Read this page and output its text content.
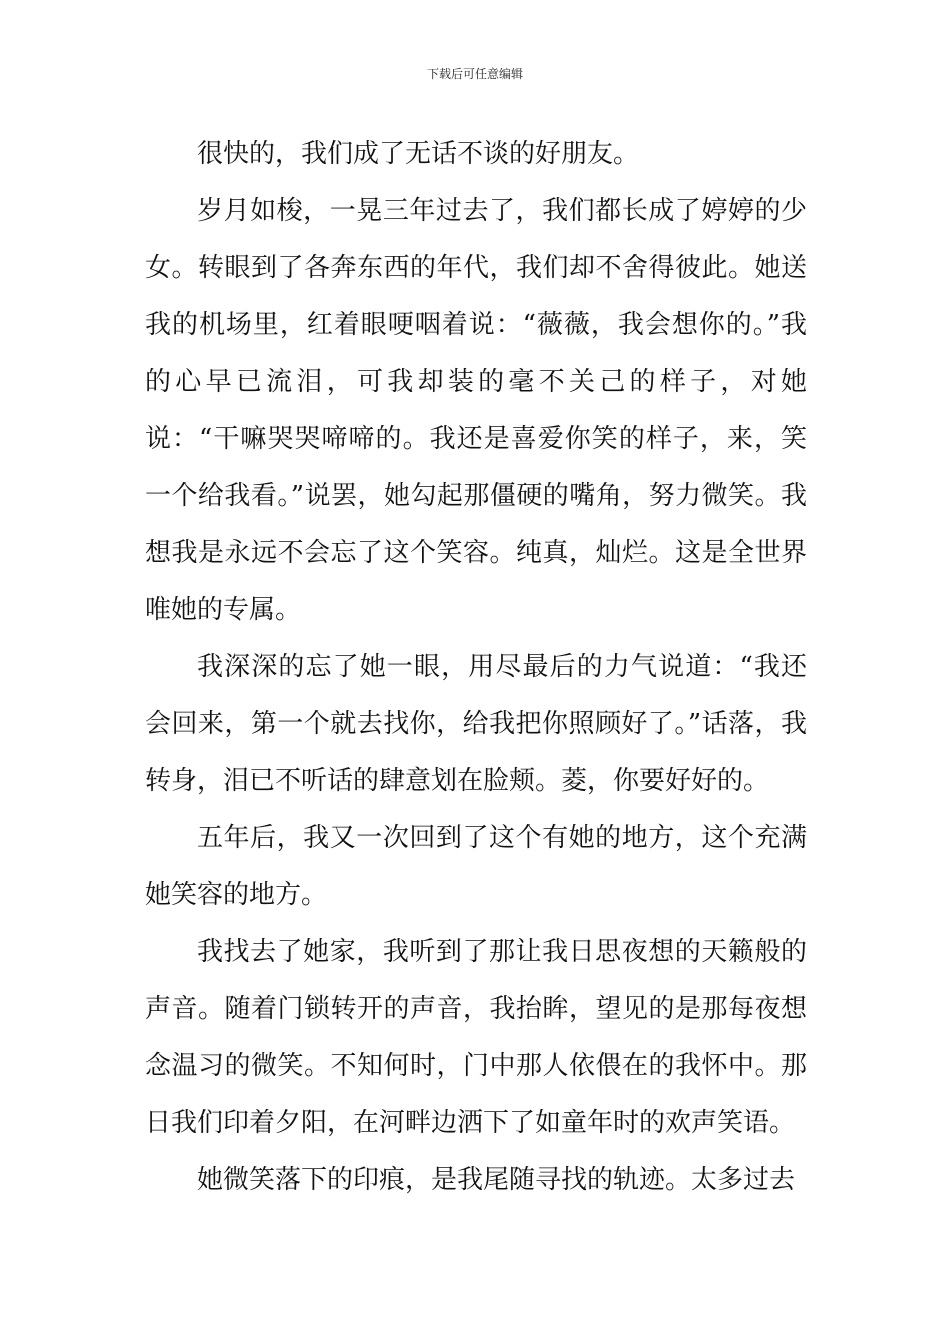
下载后可任意编辑

很快的，我们成了无话不谈的好朋友。

岁月如梭，一晃三年过去了，我们都长成了婷婷的少女。转眼到了各奔东西的年代，我们却不舍得彼此。她送我的机场里，红着眼哽咽着说：“薇薇，我会想你的。”我的心早已流泪，可我却装的毫不关己的样子，对她说：“干嘛哭哭啼啼的。我还是喜爱你笑的样子，来，笑一个给我看。”说罢，她勾起那僵硬的嘴角，努力微笑。我想我是永远不会忘了这个笑容。纯真，灿烂。这是全世界唯她的专属。

我深深的忘了她一眼，用尽最后的力气说道：“我还会回来，第一个就去找你，给我把你照顾好了。”话落，我转身，泪已不听话的肆意划在脸颊。菱，你要好好的。

五年后，我又一次回到了这个有她的地方，这个充满她笑容的地方。

我找去了她家，我听到了那让我日思夜想的天籁般的声音。随着门锁转开的声音，我抬眸，望见的是那每夜想念温习的微笑。不知何时，门中那人依偎在的我怀中。那日我们印着夕阳，在河畔边洒下了如童年时的欢声笑语。

她微笑落下的印痕，是我尾随寻找的轨迹。太多过去
